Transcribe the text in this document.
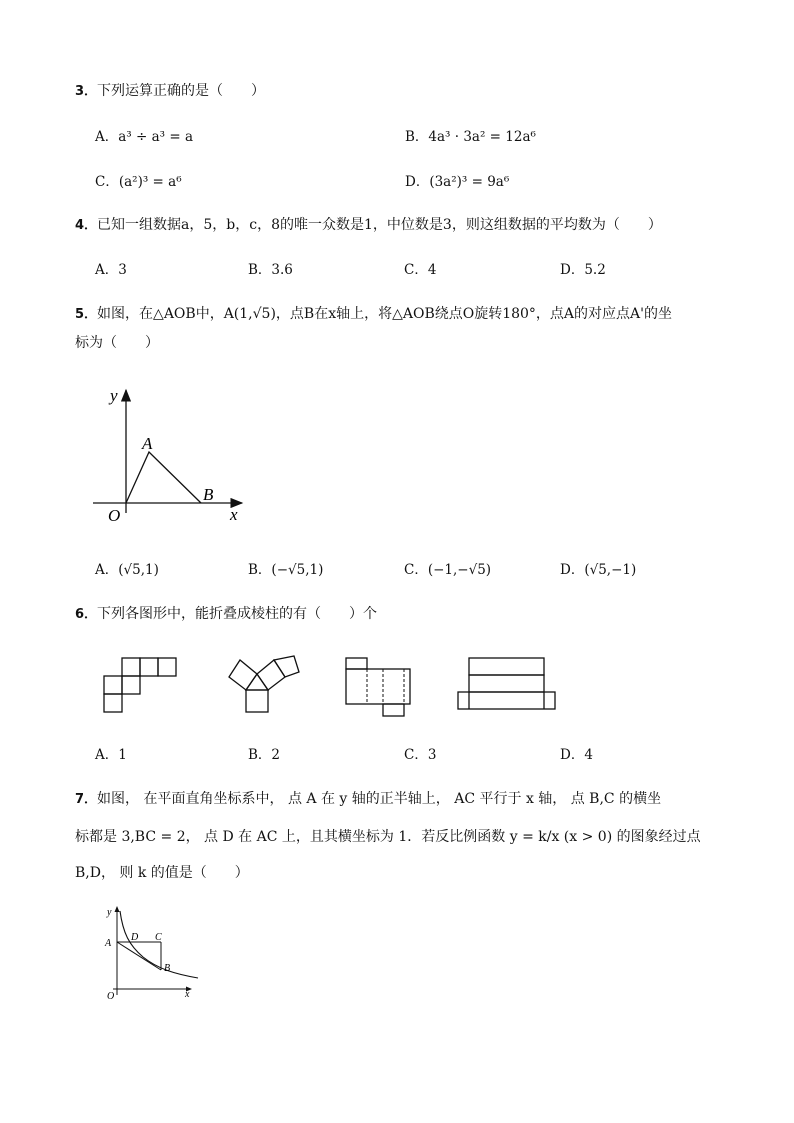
3．下列运算正确的是（　　）
A．a³ ÷ a³ = a	B．4a³ · 3a² = 12a⁶
C．(a²)³ = a⁶	D．(3a²)³ = 9a⁶
4．已知一组数据a，5，b，c，8的唯一众数是1，中位数是3，则这组数据的平均数为（　　）
A．3	B．3.6	C．4	D．5.2
5．如图，在△AOB中，A(1,√5)，点B在x轴上，将△AOB绕点O旋转180°，点A的对应点A'的坐
标为（　　）
y
x
O
A
B
A．(√5,1)	B．(−√5,1)	C．(−1,−√5)	D．(√5,−1)
6．下列各图形中，能折叠成棱柱的有（　　）个
A．1	B．2	C．3	D．4
7．如图， 在平面直角坐标系中， 点 A 在 y 轴的正半轴上， AC 平行于 x 轴， 点 B,C 的横坐
标都是 3,BC = 2， 点 D 在 AC 上，且其横坐标为 1．若反比例函数 y = k/x (x > 0) 的图象经过点
B,D， 则 k 的值是（　　）
y
x
O
A
D C
B
